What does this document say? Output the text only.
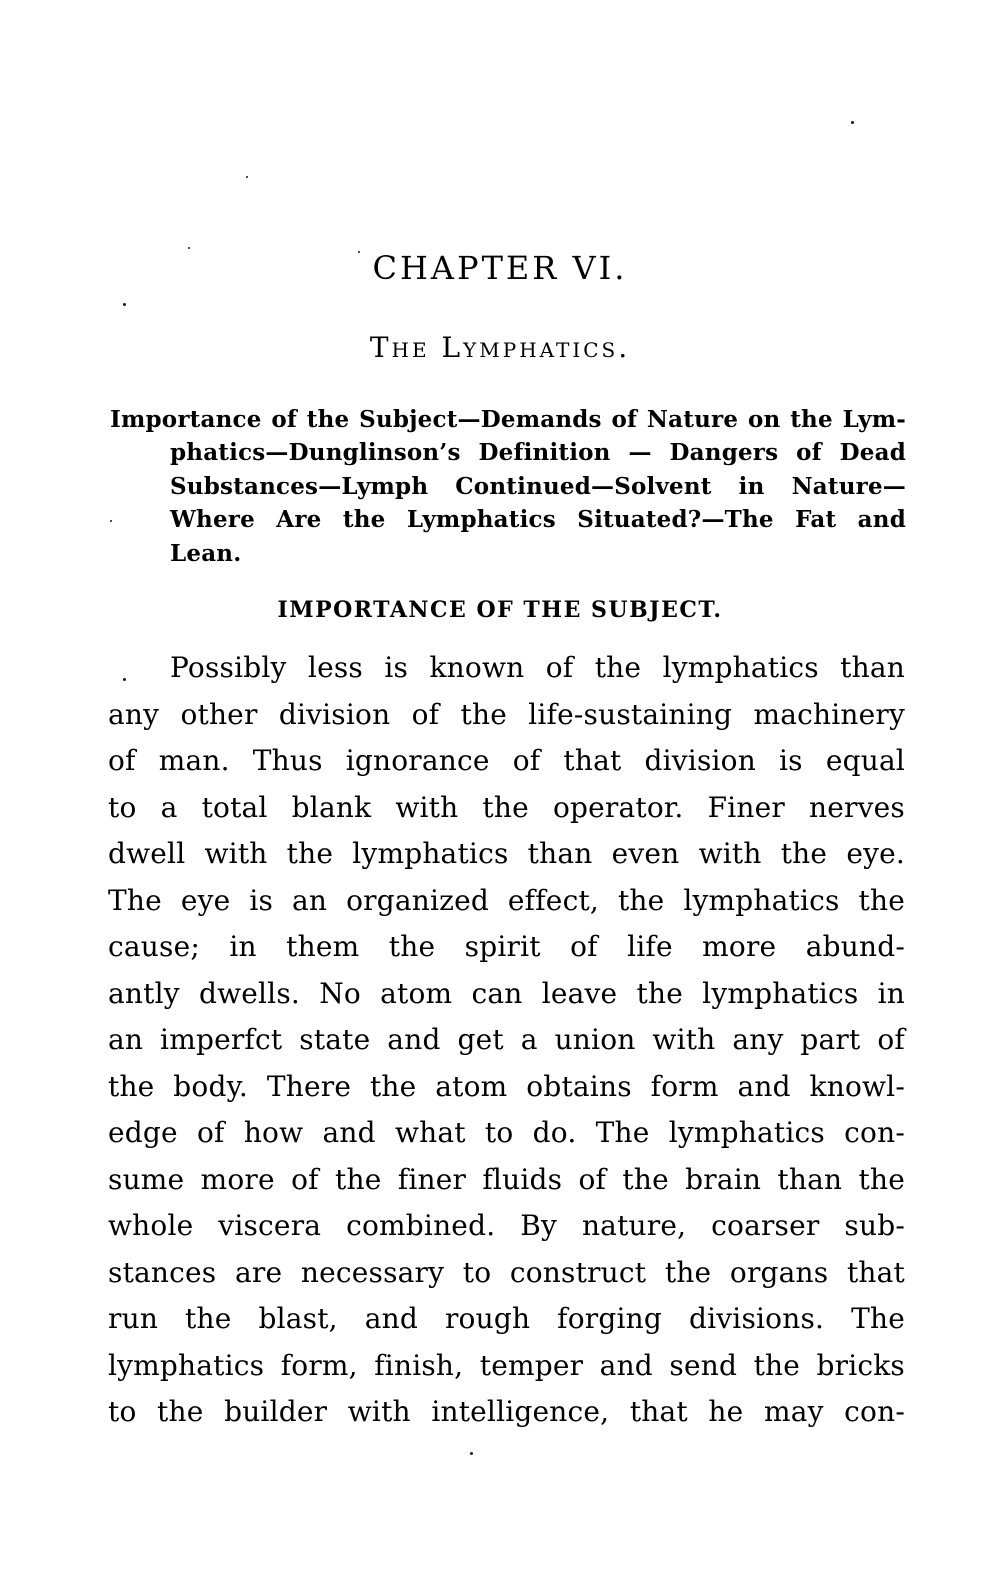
CHAPTER VI.
The Lymphatics.
Importance of the Subject—Demands of Nature on the Lym-
phatics—Dunglinson’s Definition — Dangers of Dead
Substances—Lymph Continued—Solvent in Nature—
Where Are the Lymphatics Situated?—The Fat and
Lean.
IMPORTANCE OF THE SUBJECT.
Possibly less is known of the lymphatics than
any other division of the life-sustaining machinery
of man. Thus ignorance of that division is equal
to a total blank with the operator. Finer nerves
dwell with the lymphatics than even with the eye.
The eye is an organized effect, the lymphatics the
cause; in them the spirit of life more abund-
antly dwells. No atom can leave the lymphatics in
an imperfct state and get a union with any part of
the body. There the atom obtains form and knowl-
edge of how and what to do. The lymphatics con-
sume more of the finer fluids of the brain than the
whole viscera combined. By nature, coarser sub-
stances are necessary to construct the organs that
run the blast, and rough forging divisions. The
lymphatics form, finish, temper and send the bricks
to the builder with intelligence, that he may con-
